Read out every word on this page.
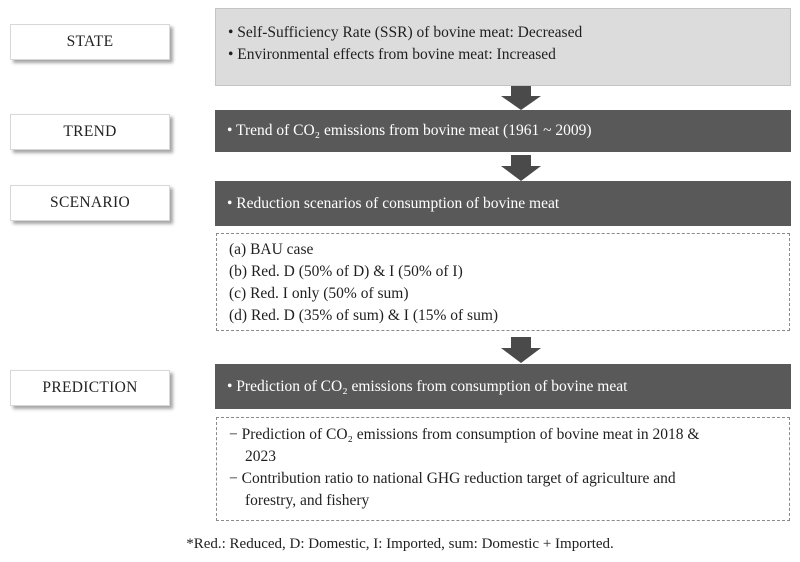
STATE
TREND
SCENARIO
PREDICTION
• Self-Sufficiency Rate (SSR) of bovine meat: Decreased
• Environmental effects from bovine meat: Increased
• Trend of CO₂ emissions from bovine meat (1961 ~ 2009)
• Reduction scenarios of consumption of bovine meat
(a) BAU case
(b) Red. D (50% of D) & I (50% of I)
(c) Red. I only (50% of sum)
(d) Red. D (35% of sum) & I (15% of sum)
• Prediction of CO₂ emissions from consumption of bovine meat
− Prediction of CO₂ emissions from consumption of bovine meat in 2018 &
2023
− Contribution ratio to national GHG reduction target of agriculture and
forestry, and fishery
*Red.: Reduced, D: Domestic, I: Imported, sum: Domestic + Imported.
